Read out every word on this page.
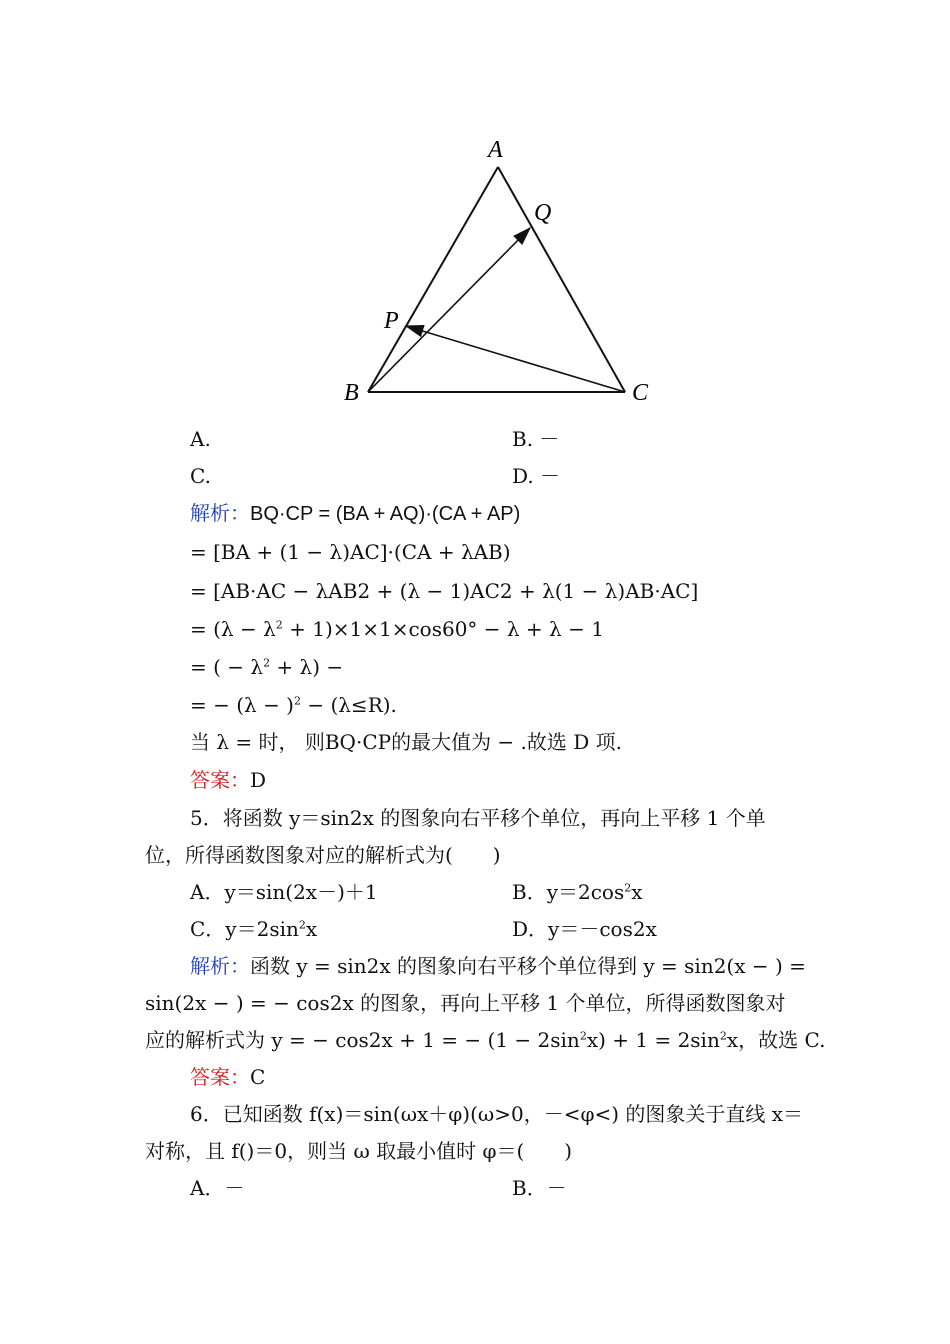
A
Q
P
B	C
A.	B. －
C.	D. －
解析：BQ·CP = (BA + AQ)·(CA + AP)
= [BA + (1 − λ)AC]·(CA + λAB)
= [AB·AC − λAB2 + (λ − 1)AC2 + λ(1 − λ)AB·AC]
= $(\lambda - \lambda^2 + 1)\times 1\times 1\times\cos 60^\circ - \lambda + \lambda - 1$
= ( − $\lambda^2 + \lambda$) −
= − $(\lambda - )^2 - (\lambda\le R)$.
当 λ = 时， 则BQ·CP的最大值为 − .故选 D 项.
答案：D
5．将函数 y＝sin2x 的图象向右平移个单位，再向上平移 1 个单
位，所得函数图象对应的解析式为(　　)
A．y＝sin(2x－)＋1	B．$y=2\cos^2x$
C．$y=2\sin^2x$	D．y＝－cos2x
解析：函数 y = sin2x 的图象向右平移个单位得到 y = sin2(x − ) =
sin(2x − ) = − cos2x 的图象，再向上平移 1 个单位，所得函数图象对
应的解析式为 y = − cos2x + 1 = − $(1 - 2\sin^2x) + 1 = 2\sin^2x$，故选 C.
答案：C
6．已知函数 f(x)＝sin(ωx＋φ)(ω>0，－<φ<) 的图象关于直线 x＝
对称，且 f()＝0，则当 ω 取最小值时 φ＝(　　)
A．－	B．－
